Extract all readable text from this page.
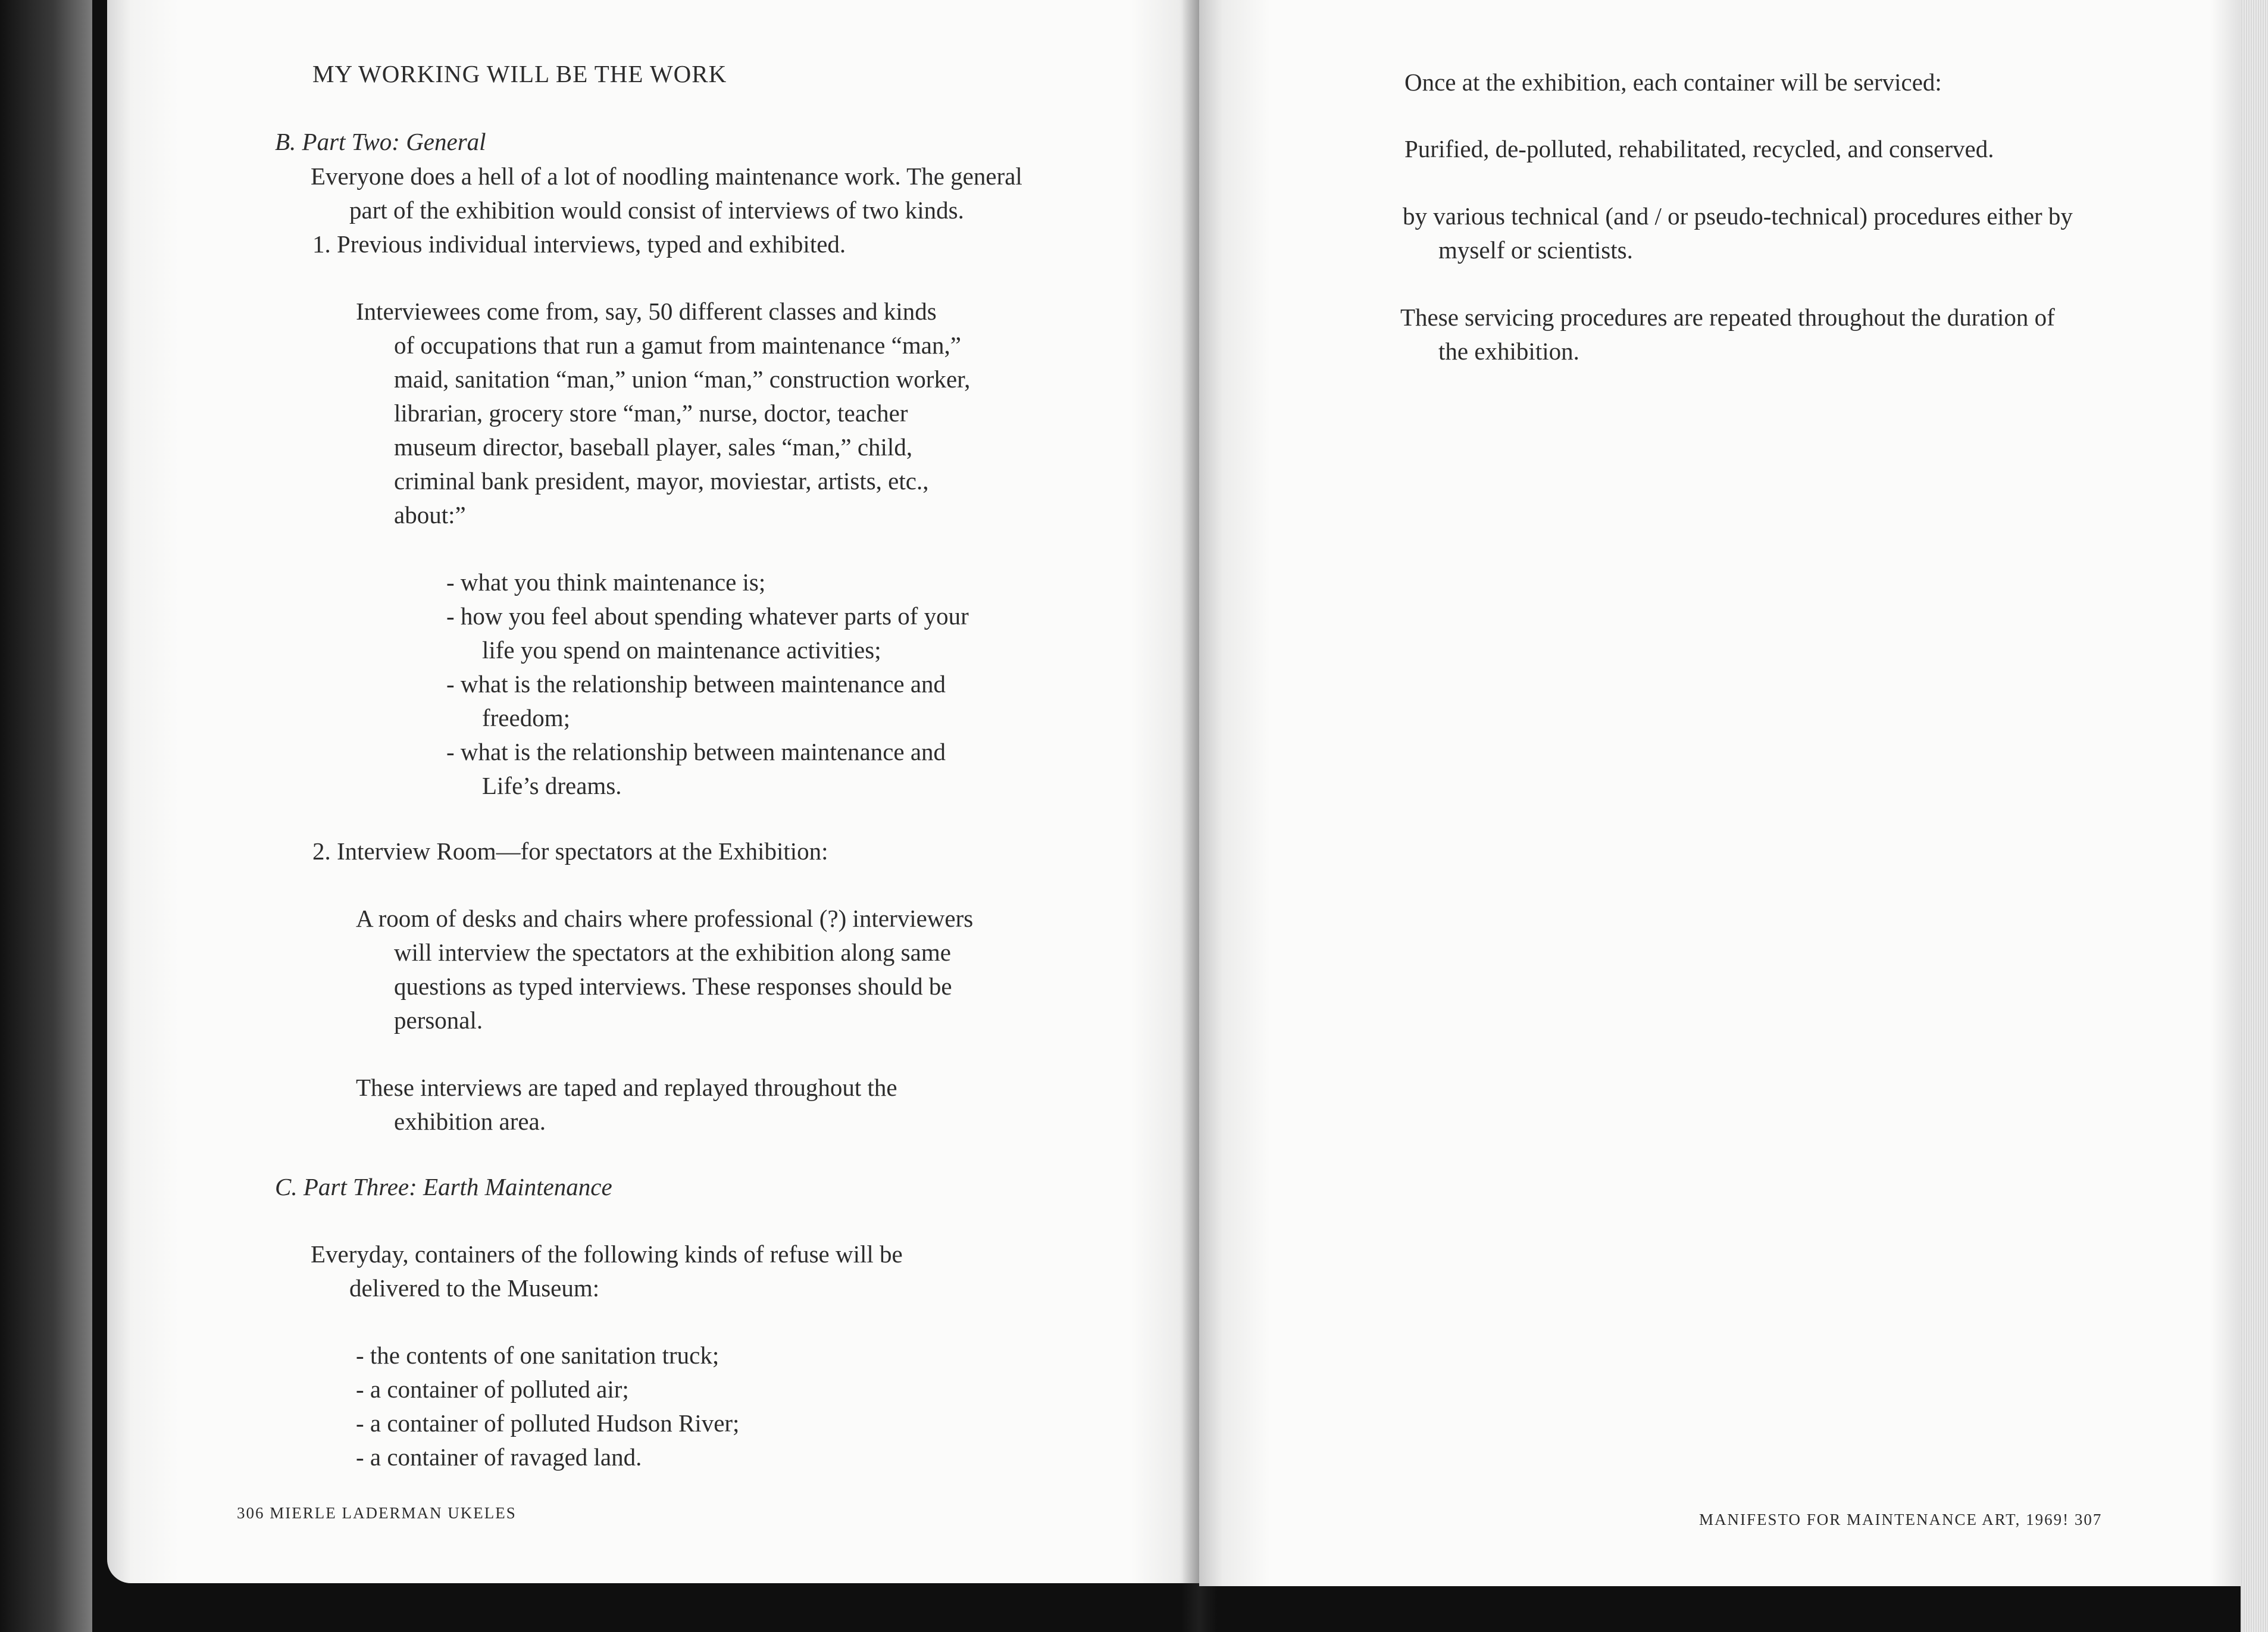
MY WORKING WILL BE THE WORK
B. Part Two: General
Everyone does a hell of a lot of noodling maintenance work. The general
part of the exhibition would consist of interviews of two kinds.
1. Previous individual interviews, typed and exhibited.
Interviewees come from, say, 50 different classes and kinds
of occupations that run a gamut from maintenance “man,”
maid, sanitation “man,” union “man,” construction worker,
librarian, grocery store “man,” nurse, doctor, teacher
museum director, baseball player, sales “man,” child,
criminal bank president, mayor, moviestar, artists, etc.,
about:”
- what you think maintenance is;
- how you feel about spending whatever parts of your
life you spend on maintenance activities;
- what is the relationship between maintenance and
freedom;
- what is the relationship between maintenance and
Life’s dreams.
2. Interview Room—for spectators at the Exhibition:
A room of desks and chairs where professional (?) interviewers
will interview the spectators at the exhibition along same
questions as typed interviews. These responses should be
personal.
These interviews are taped and replayed throughout the
exhibition area.
C. Part Three: Earth Maintenance
Everyday, containers of the following kinds of refuse will be
delivered to the Museum:
- the contents of one sanitation truck;
- a container of polluted air;
- a container of polluted Hudson River;
- a container of ravaged land.
306 MIERLE LADERMAN UKELES
Once at the exhibition, each container will be serviced:
Purified, de-polluted, rehabilitated, recycled, and conserved.
by various technical (and / or pseudo-technical) procedures either by
myself or scientists.
These servicing procedures are repeated throughout the duration of
the exhibition.
MANIFESTO FOR MAINTENANCE ART, 1969! 307
